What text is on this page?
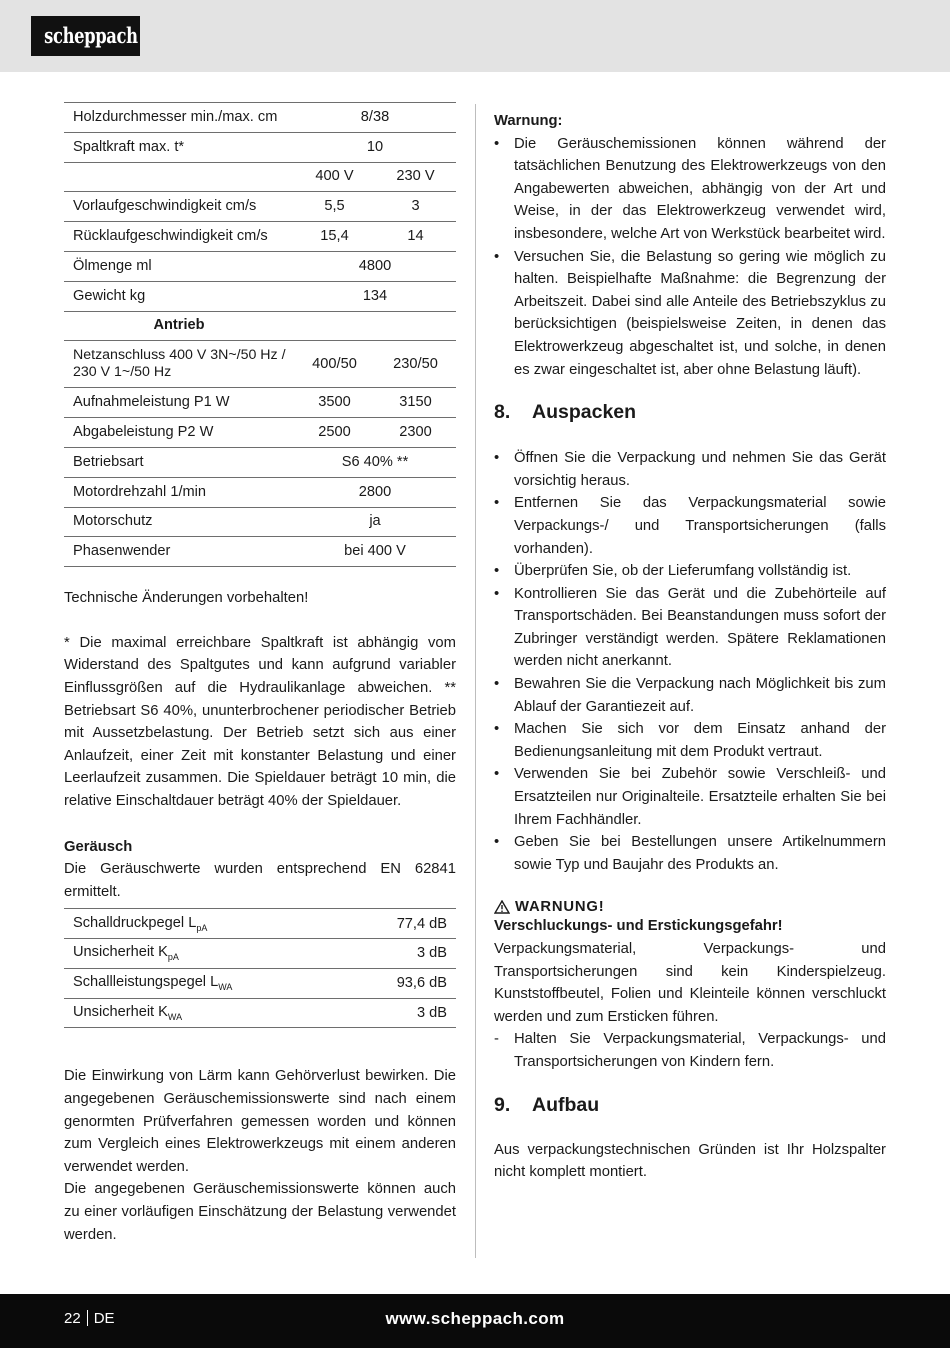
scheppach
Holzdurchmesser min./max. cm	8/38	
Spaltkraft max. t*	10	
	400 V	230 V
Vorlaufgeschwindigkeit cm/s	5,5	3
Rücklaufgeschwindigkeit cm/s	15,4	14
Ölmenge ml	4800	
Gewicht kg	134	
Antrieb		
Netzanschluss 400 V 3N~/50 Hz / 230 V 1~/50 Hz	400/50	230/50
Aufnahmeleistung P1 W	3500	3150
Abgabeleistung P2 W	2500	2300
Betriebsart	S6 40% **	
Motordrehzahl 1/min	2800	
Motorschutz	ja	
Phasenwender	bei 400 V	

Technische Änderungen vorbehalten!

* Die maximal erreichbare Spaltkraft ist abhängig vom Widerstand des Spaltgutes und kann aufgrund variabler Einflussgrößen auf die Hydraulikanlage abweichen. ** Betriebsart S6 40%, ununterbrochener periodischer Betrieb mit Aussetzbelastung. Der Betrieb setzt sich aus einer Anlaufzeit, einer Zeit mit konstanter Belastung und einer Leerlaufzeit zusammen. Die Spieldauer beträgt 10 min, die relative Einschaltdauer beträgt 40% der Spieldauer.

Geräusch

Die Geräuschwerte wurden entsprechend EN 62841 ermittelt.

Schalldruckpegel $L_{pA}$	77,4 dB
Unsicherheit $K_{pA}$	3 dB
Schallleistungspegel $L_{WA}$	93,6 dB
Unsicherheit $K_{WA}$	3 dB

Die Einwirkung von Lärm kann Gehörverlust bewirken. Die angegebenen Geräuschemissionswerte sind nach einem genormten Prüfverfahren gemessen worden und können zum Vergleich eines Elektrowerkzeugs mit einem anderen verwendet werden.

Die angegebenen Geräuschemissionswerte können auch zu einer vorläufigen Einschätzung der Belastung verwendet werden.

Warnung:

• Die Geräuschemissionen können während der tatsächlichen Benutzung des Elektrowerkzeugs von den Angabewerten abweichen, abhängig von der Art und Weise, in der das Elektrowerkzeug verwendet wird, insbesondere, welche Art von Werkstück bearbeitet wird.
• Versuchen Sie, die Belastung so gering wie möglich zu halten. Beispielhafte Maßnahme: die Begrenzung der Arbeitszeit. Dabei sind alle Anteile des Betriebszyklus zu berücksichtigen (beispielsweise Zeiten, in denen das Elektrowerkzeug abgeschaltet ist, und solche, in denen es zwar eingeschaltet ist, aber ohne Belastung läuft).
8.	Auspacken
• Öffnen Sie die Verpackung und nehmen Sie das Gerät vorsichtig heraus.
• Entfernen Sie das Verpackungsmaterial sowie Verpackungs-/ und Transportsicherungen (falls vorhanden).
• Überprüfen Sie, ob der Lieferumfang vollständig ist.
• Kontrollieren Sie das Gerät und die Zubehörteile auf Transportschäden. Bei Beanstandungen muss sofort der Zubringer verständigt werden. Spätere Reklamationen werden nicht anerkannt.
• Bewahren Sie die Verpackung nach Möglichkeit bis zum Ablauf der Garantiezeit auf.
• Machen Sie sich vor dem Einsatz anhand der Bedienungsanleitung mit dem Produkt vertraut.
• Verwenden Sie bei Zubehör sowie Verschleiß- und Ersatzteilen nur Originalteile. Ersatzteile erhalten Sie bei Ihrem Fachhändler.
• Geben Sie bei Bestellungen unsere Artikelnummern sowie Typ und Baujahr des Produkts an.
WARNUNG!

Verschluckungs- und Erstickungsgefahr!

Verpackungsmaterial, Verpackungs- und Transportsicherungen sind kein Kinderspielzeug. Kunststoffbeutel, Folien und Kleinteile können verschluckt werden und zum Ersticken führen.

- Halten Sie Verpackungsmaterial, Verpackungs- und Transportsicherungen von Kindern fern.
9.	Aufbau

Aus verpackungstechnischen Gründen ist Ihr Holzspalter nicht komplett montiert.

22 DE	www.scheppach.com
